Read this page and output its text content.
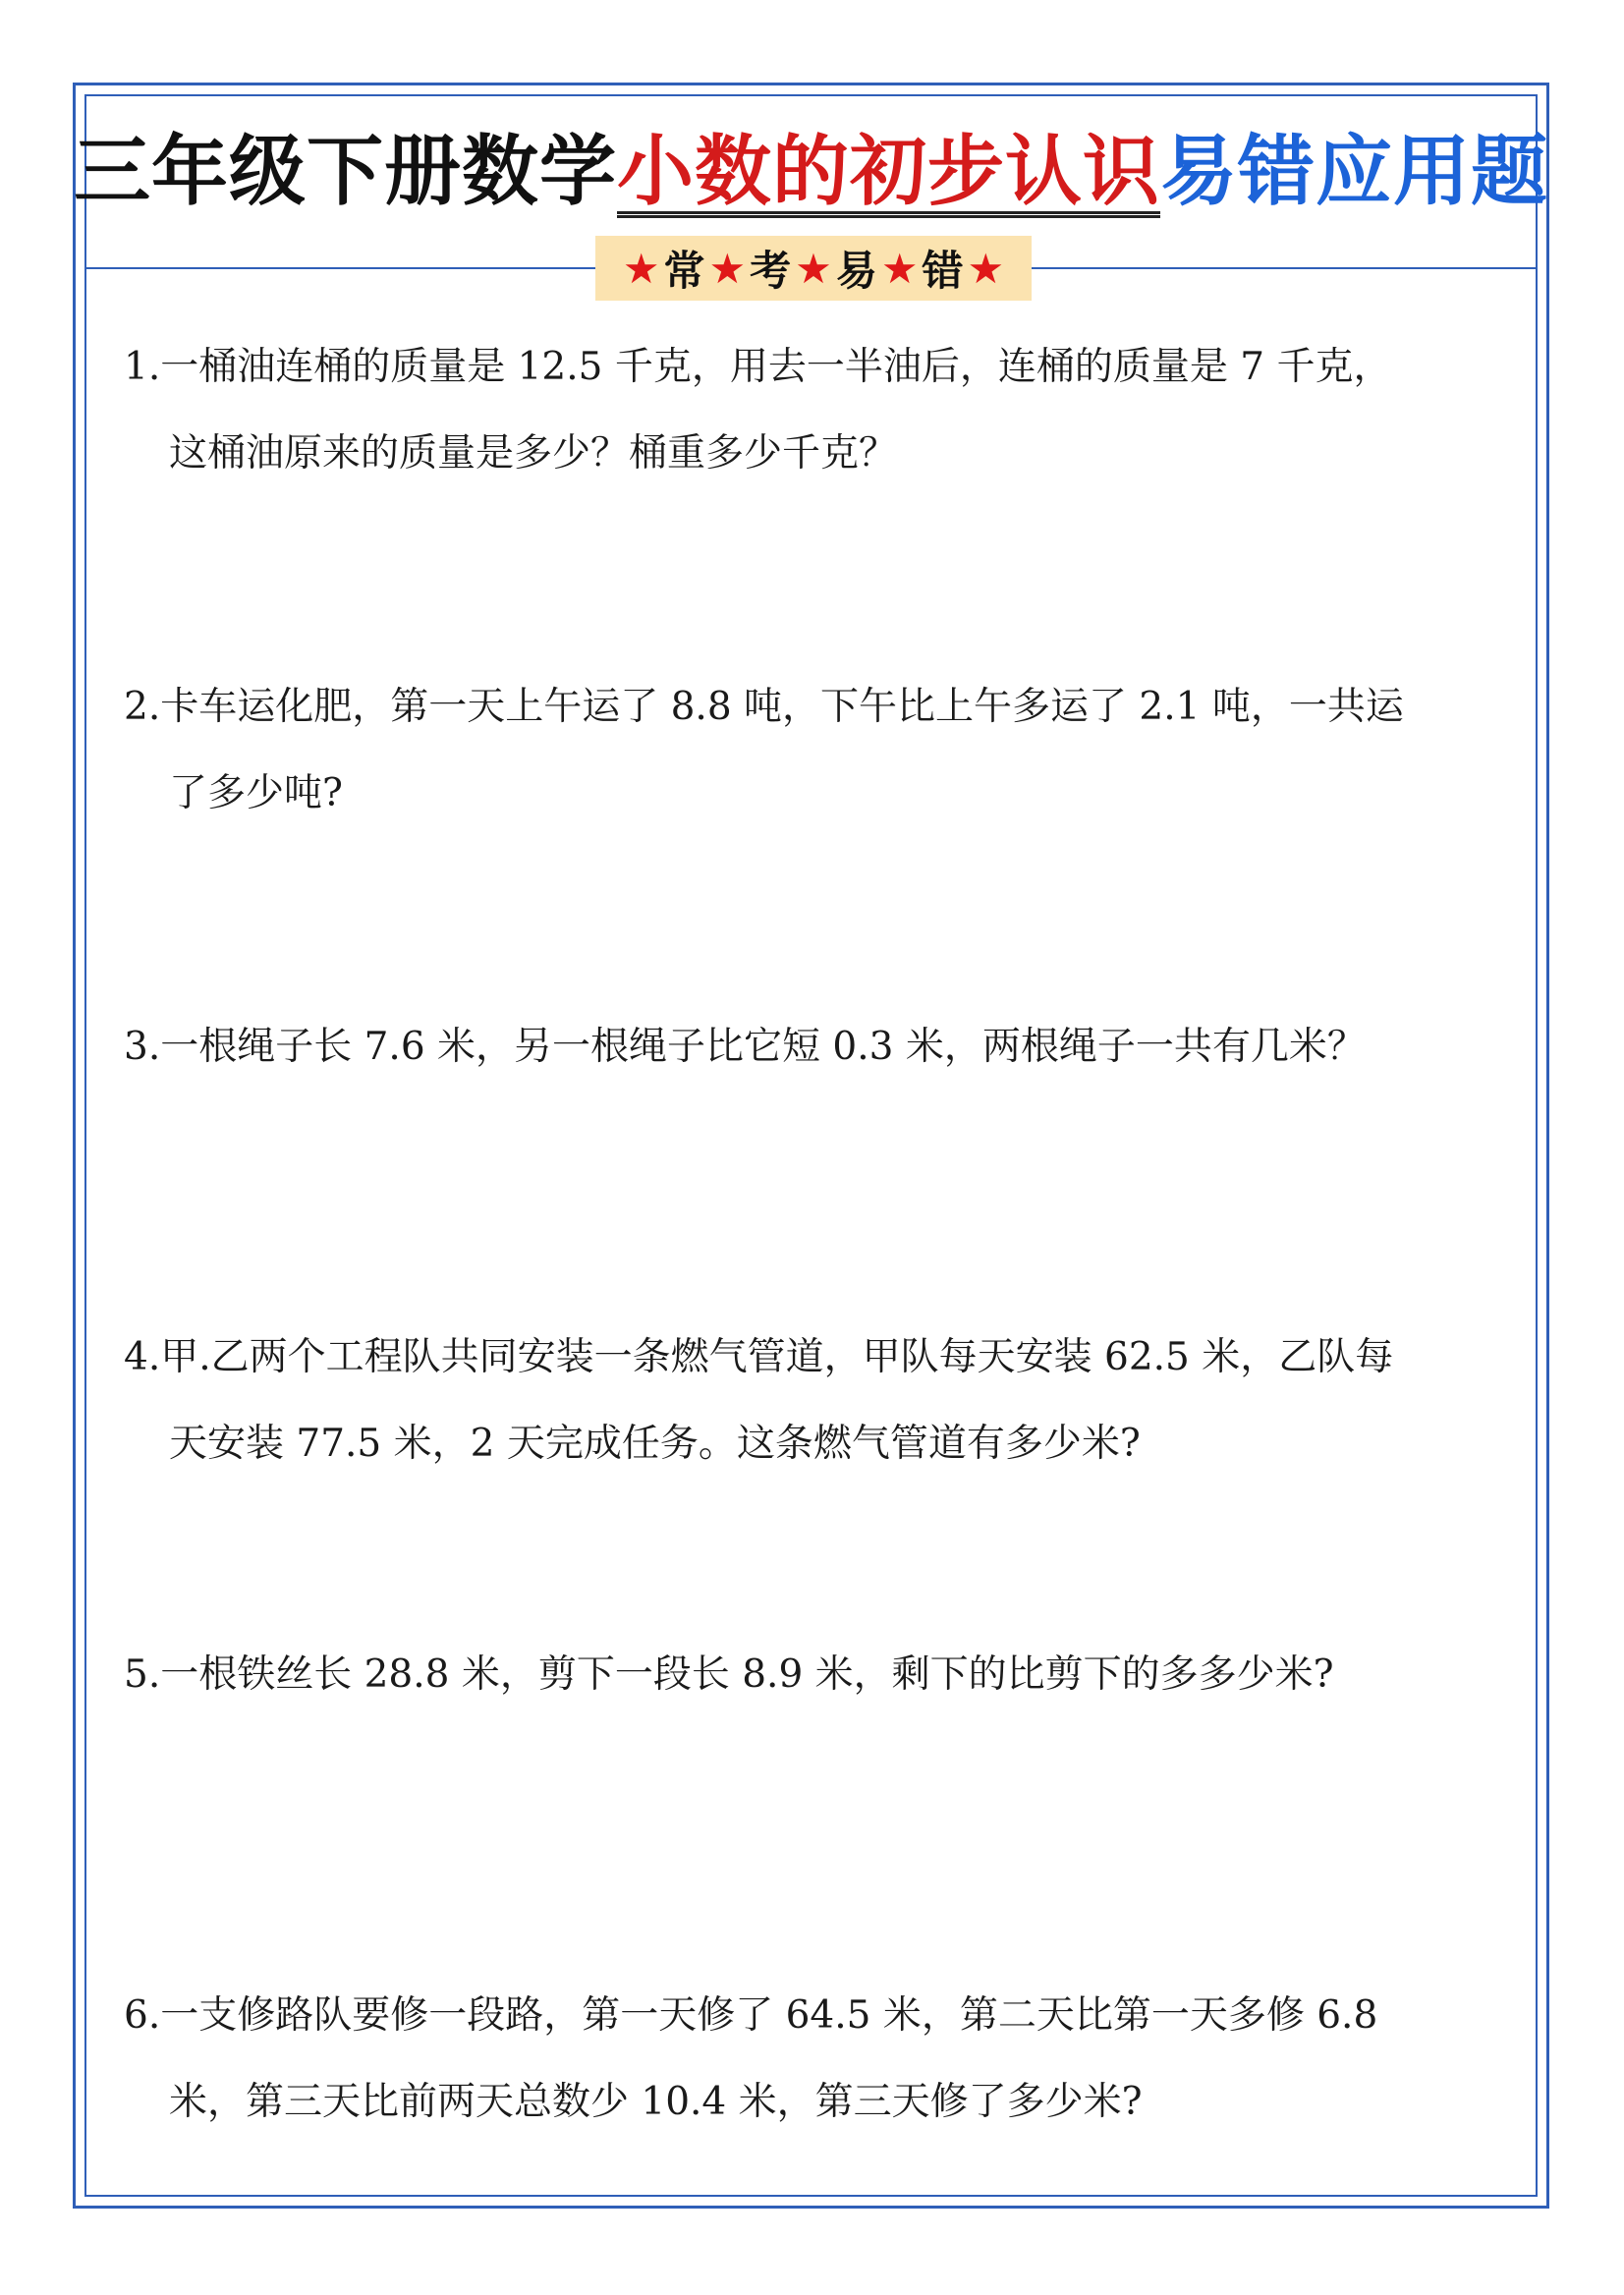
三年级下册数学 小数的初步认识 易错应用题
★ 常 ★ 考 ★ 易 ★ 错 ★
1.一桶油连桶的质量是 12.5 千克，用去一半油后，连桶的质量是 7 千克，
这桶油原来的质量是多少？桶重多少千克？
2.卡车运化肥，第一天上午运了 8.8 吨，下午比上午多运了 2.1 吨，一共运
了多少吨?
3.一根绳子长 7.6 米，另一根绳子比它短 0.3 米，两根绳子一共有几米？
4.甲.乙两个工程队共同安装一条燃气管道，甲队每天安装 62.5 米，乙队每
天安装 77.5 米，2 天完成任务。这条燃气管道有多少米?
5.一根铁丝长 28.8 米，剪下一段长 8.9 米，剩下的比剪下的多多少米?
6.一支修路队要修一段路，第一天修了 64.5 米，第二天比第一天多修 6.8
米，第三天比前两天总数少 10.4 米，第三天修了多少米?
